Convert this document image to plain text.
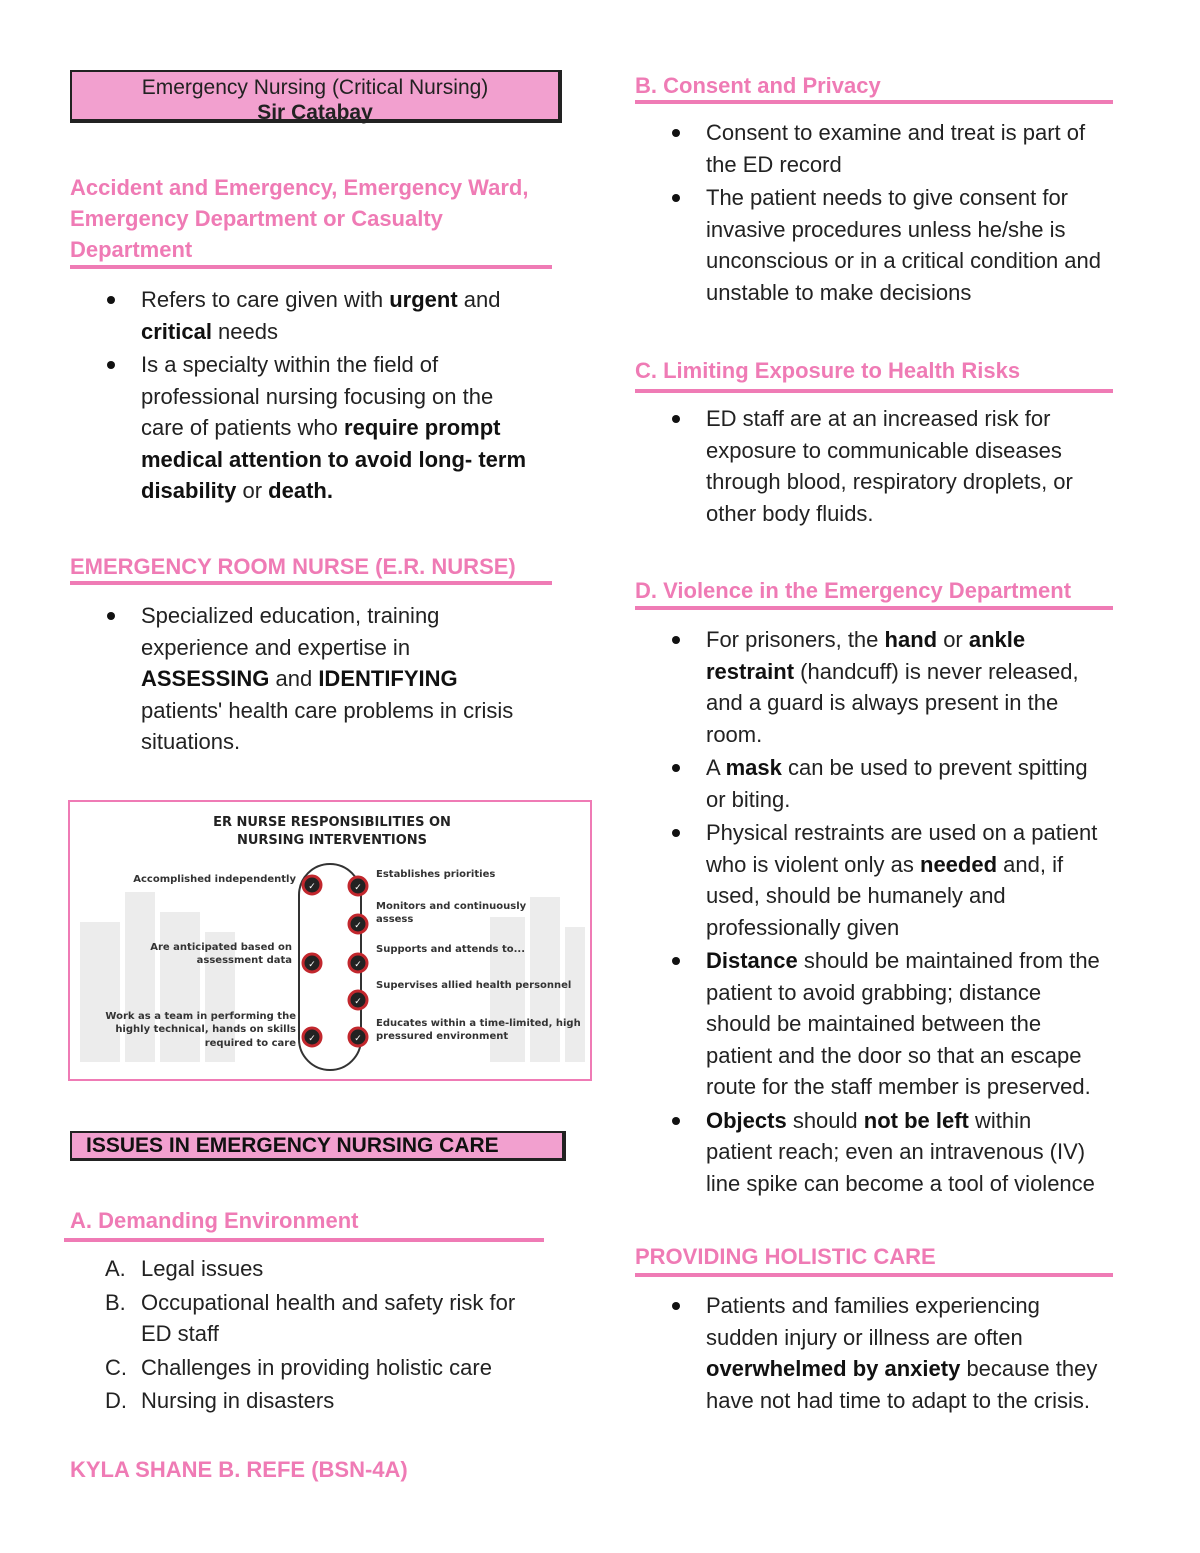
Emergency Nursing (Critical Nursing)
Sir Catabay
Accident and Emergency, Emergency Ward,
Emergency Department or Casualty
Department
Refers to care given with urgent and
critical needs
Is a specialty within the field of
professional nursing focusing on the
care of patients who require prompt
medical attention to avoid long- term
disability or death.
EMERGENCY ROOM NURSE (E.R. NURSE)
Specialized education, training
experience and expertise in
ASSESSING and IDENTIFYING
patients' health care problems in crisis
situations.
ER NURSE RESPONSIBILITIES ON
NURSING INTERVENTIONS
✓
✓
✓
✓
✓
✓
✓
✓
Accomplished independently
Are anticipated based on
assessment data
Work as a team in performing the
highly technical, hands on skills
required to care
Establishes priorities
Monitors and continuously
assess
Supports and attends to...
Supervises allied health personnel
Educates within a time-limited, high
pressured environment
ISSUES IN EMERGENCY NURSING CARE
A. Demanding Environment
A. Legal issues
B. Occupational health and safety risk for
ED staff
C. Challenges in providing holistic care
D. Nursing in disasters
KYLA SHANE B. REFE (BSN-4A)
B. Consent and Privacy
Consent to examine and treat is part of
the ED record
The patient needs to give consent for
invasive procedures unless he/she is
unconscious or in a critical condition and
unstable to make decisions
C. Limiting Exposure to Health Risks
ED staff are at an increased risk for
exposure to communicable diseases
through blood, respiratory droplets, or
other body fluids.
D. Violence in the Emergency Department
For prisoners, the hand or ankle
restraint (handcuff) is never released,
and a guard is always present in the
room.
A mask can be used to prevent spitting
or biting.
Physical restraints are used on a patient
who is violent only as needed and, if
used, should be humanely and
professionally given
Distance should be maintained from the
patient to avoid grabbing; distance
should be maintained between the
patient and the door so that an escape
route for the staff member is preserved.
Objects should not be left within
patient reach; even an intravenous (IV)
line spike can become a tool of violence
PROVIDING HOLISTIC CARE
Patients and families experiencing
sudden injury or illness are often
overwhelmed by anxiety because they
have not had time to adapt to the crisis.
